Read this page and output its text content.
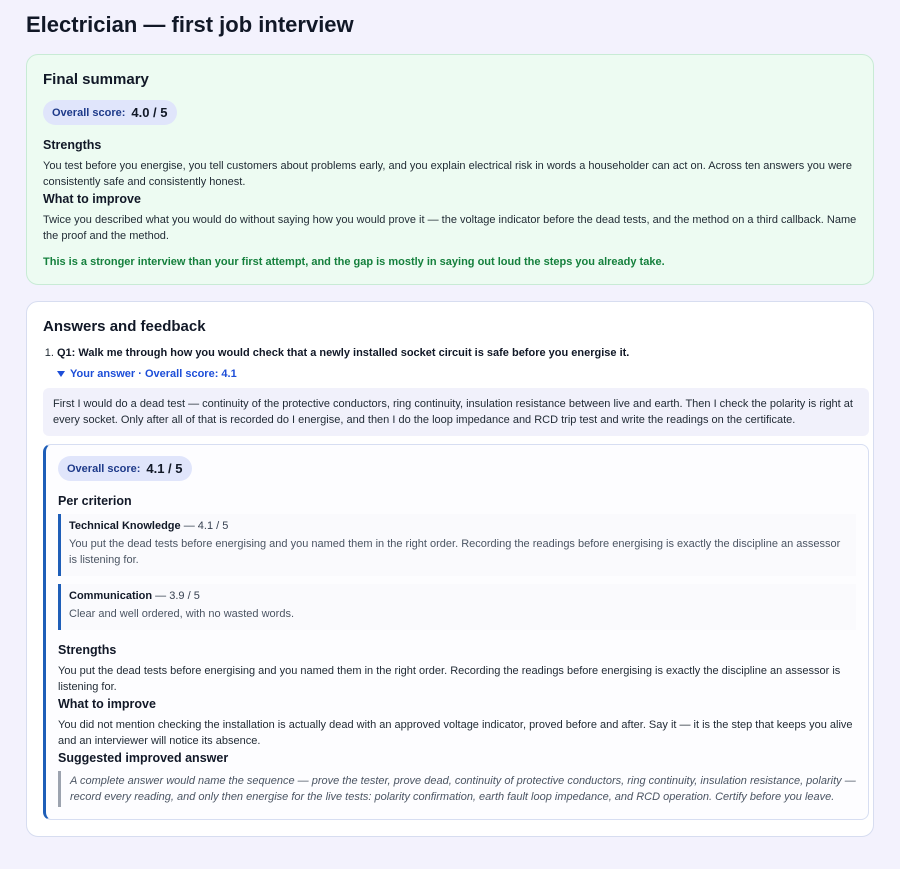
Electrician — first job interview
Final summary
Overall score: 4.0 / 5
Strengths

You test before you energise, you tell customers about problems early, and you explain electrical risk in words a householder can act on. Across ten answers you were consistently safe and consistently honest.

What to improve

Twice you described what you would do without saying how you would prove it — the voltage indicator before the dead tests, and the method on a third callback. Name the proof and the method.

This is a stronger interview than your first attempt, and the gap is mostly in saying out loud the steps you already take.

Answers and feedback
1. Q1: Walk me through how you would check that a newly installed socket circuit is safe before you energise it.
Your answer · Overall score: 4.1
First I would do a dead test — continuity of the protective conductors, ring continuity, insulation resistance between live and earth. Then I check the polarity is right at every socket. Only after all of that is recorded do I energise, and then I do the loop impedance and RCD trip test and write the readings on the certificate.
Overall score: 4.1 / 5
Per criterion
Technical Knowledge — 4.1 / 5

You put the dead tests before energising and you named them in the right order. Recording the readings before energising is exactly the discipline an assessor is listening for.

Communication — 3.9 / 5

Clear and well ordered, with no wasted words.

Strengths

You put the dead tests before energising and you named them in the right order. Recording the readings before energising is exactly the discipline an assessor is listening for.

What to improve

You did not mention checking the installation is actually dead with an approved voltage indicator, proved before and after. Say it — it is the step that keeps you alive and an interviewer will notice its absence.

Suggested improved answer
A complete answer would name the sequence — prove the tester, prove dead, continuity of protective conductors, ring continuity, insulation resistance, polarity — record every reading, and only then energise for the live tests: polarity confirmation, earth fault loop impedance, and RCD operation. Certify before you leave.
